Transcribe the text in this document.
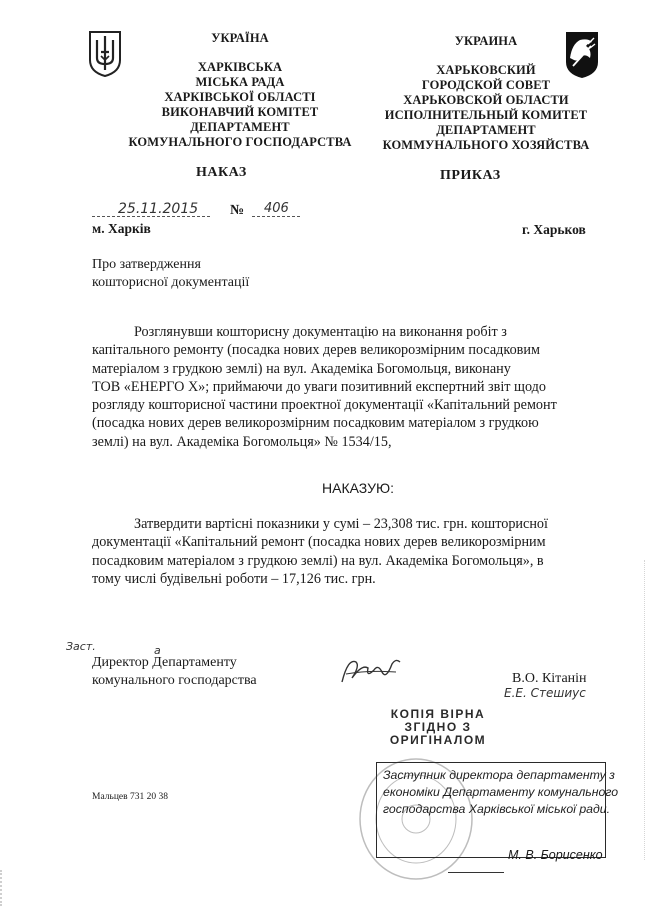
УКРАЇНА
ХАРКІВСЬКА
МІСЬКА РАДА
ХАРКІВСЬКОЇ ОБЛАСТІ
ВИКОНАВЧИЙ КОМІТЕТ
ДЕПАРТАМЕНТ
КОМУНАЛЬНОГО ГОСПОДАРСТВА
УКРАИНА
ХАРЬКОВСКИЙ
ГОРОДСКОЙ СОВЕТ
ХАРЬКОВСКОЙ ОБЛАСТИ
ИСПОЛНИТЕЛЬНЫЙ КОМИТЕТ
ДЕПАРТАМЕНТ
КОММУНАЛЬНОГО ХОЗЯЙСТВА
НАКАЗ	ПРИКАЗ
25.11.2015 № 406
м. Харків	г. Харьков
Про затвердження
кошторисної документації
Розглянувши кошторисну документацію на виконання робіт з
капітального ремонту (посадка нових дерев великорозмірним посадковим
матеріалом з грудкою землі) на вул. Академіка Богомольця, виконану
ТОВ «ЕНЕРГО Х»; приймаючи до уваги позитивний експертний звіт щодо
розгляду кошторисної частини проектної документації «Капітальний ремонт
(посадка нових дерев великорозмірним посадковим матеріалом з грудкою
землі) на вул. Академіка Богомольця» № 1534/15,
НАКАЗУЮ:
Затвердити вартісні показники у сумі – 23,308 тис. грн. кошторисної
документації «Капітальний ремонт (посадка нових дерев великорозмірним
посадковим матеріалом з грудкою землі) на вул. Академіка Богомольця», в
тому числі будівельні роботи – 17,126 тис. грн.
Заст.	а
Директор Департаменту
комунального господарства	В.О. Кітанін
Е.Е. Стешиус
КОПІЯ ВІРНА
ЗГІДНО З
ОРИГІНАЛОМ
Заступник директора департаменту з
економіки Департаменту комунального
господарства Харківської міської ради.
М. В. Борисенко
Мальцев 731 20 38
